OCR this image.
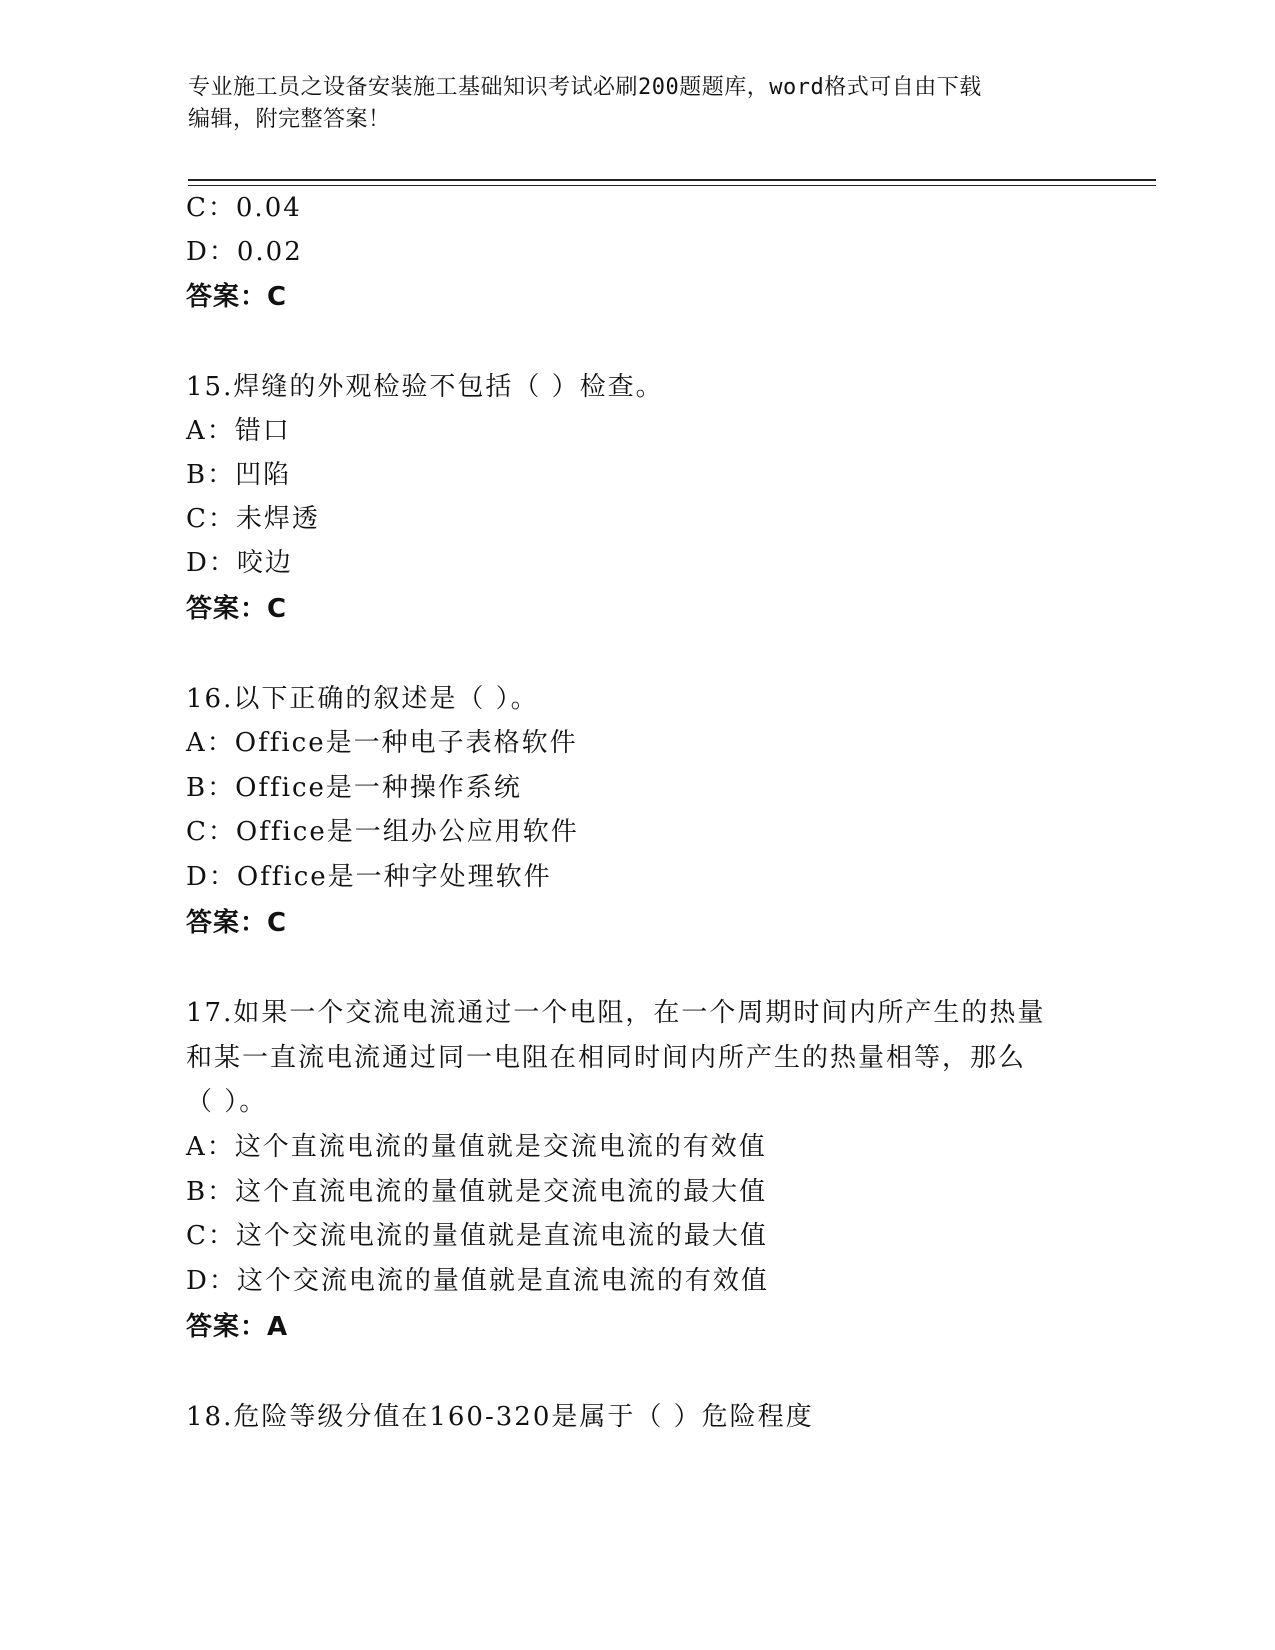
专业施工员之设备安装施工基础知识考试必刷200题题库，word格式可自由下载
编辑，附完整答案！
C：0.04
D：0.02
答案：C
15.焊缝的外观检验不包括（ ）检查。
A：错口
B：凹陷
C：未焊透
D：咬边
答案：C
16.以下正确的叙述是（ ）。
A：Office是一种电子表格软件
B：Office是一种操作系统
C：Office是一组办公应用软件
D：Office是一种字处理软件
答案：C
17.如果一个交流电流通过一个电阻，在一个周期时间内所产生的热量
和某一直流电流通过同一电阻在相同时间内所产生的热量相等，那么
（ ）。
A：这个直流电流的量值就是交流电流的有效值
B：这个直流电流的量值就是交流电流的最大值
C：这个交流电流的量值就是直流电流的最大值
D：这个交流电流的量值就是直流电流的有效值
答案：A
18.危险等级分值在160-320是属于（ ）危险程度
